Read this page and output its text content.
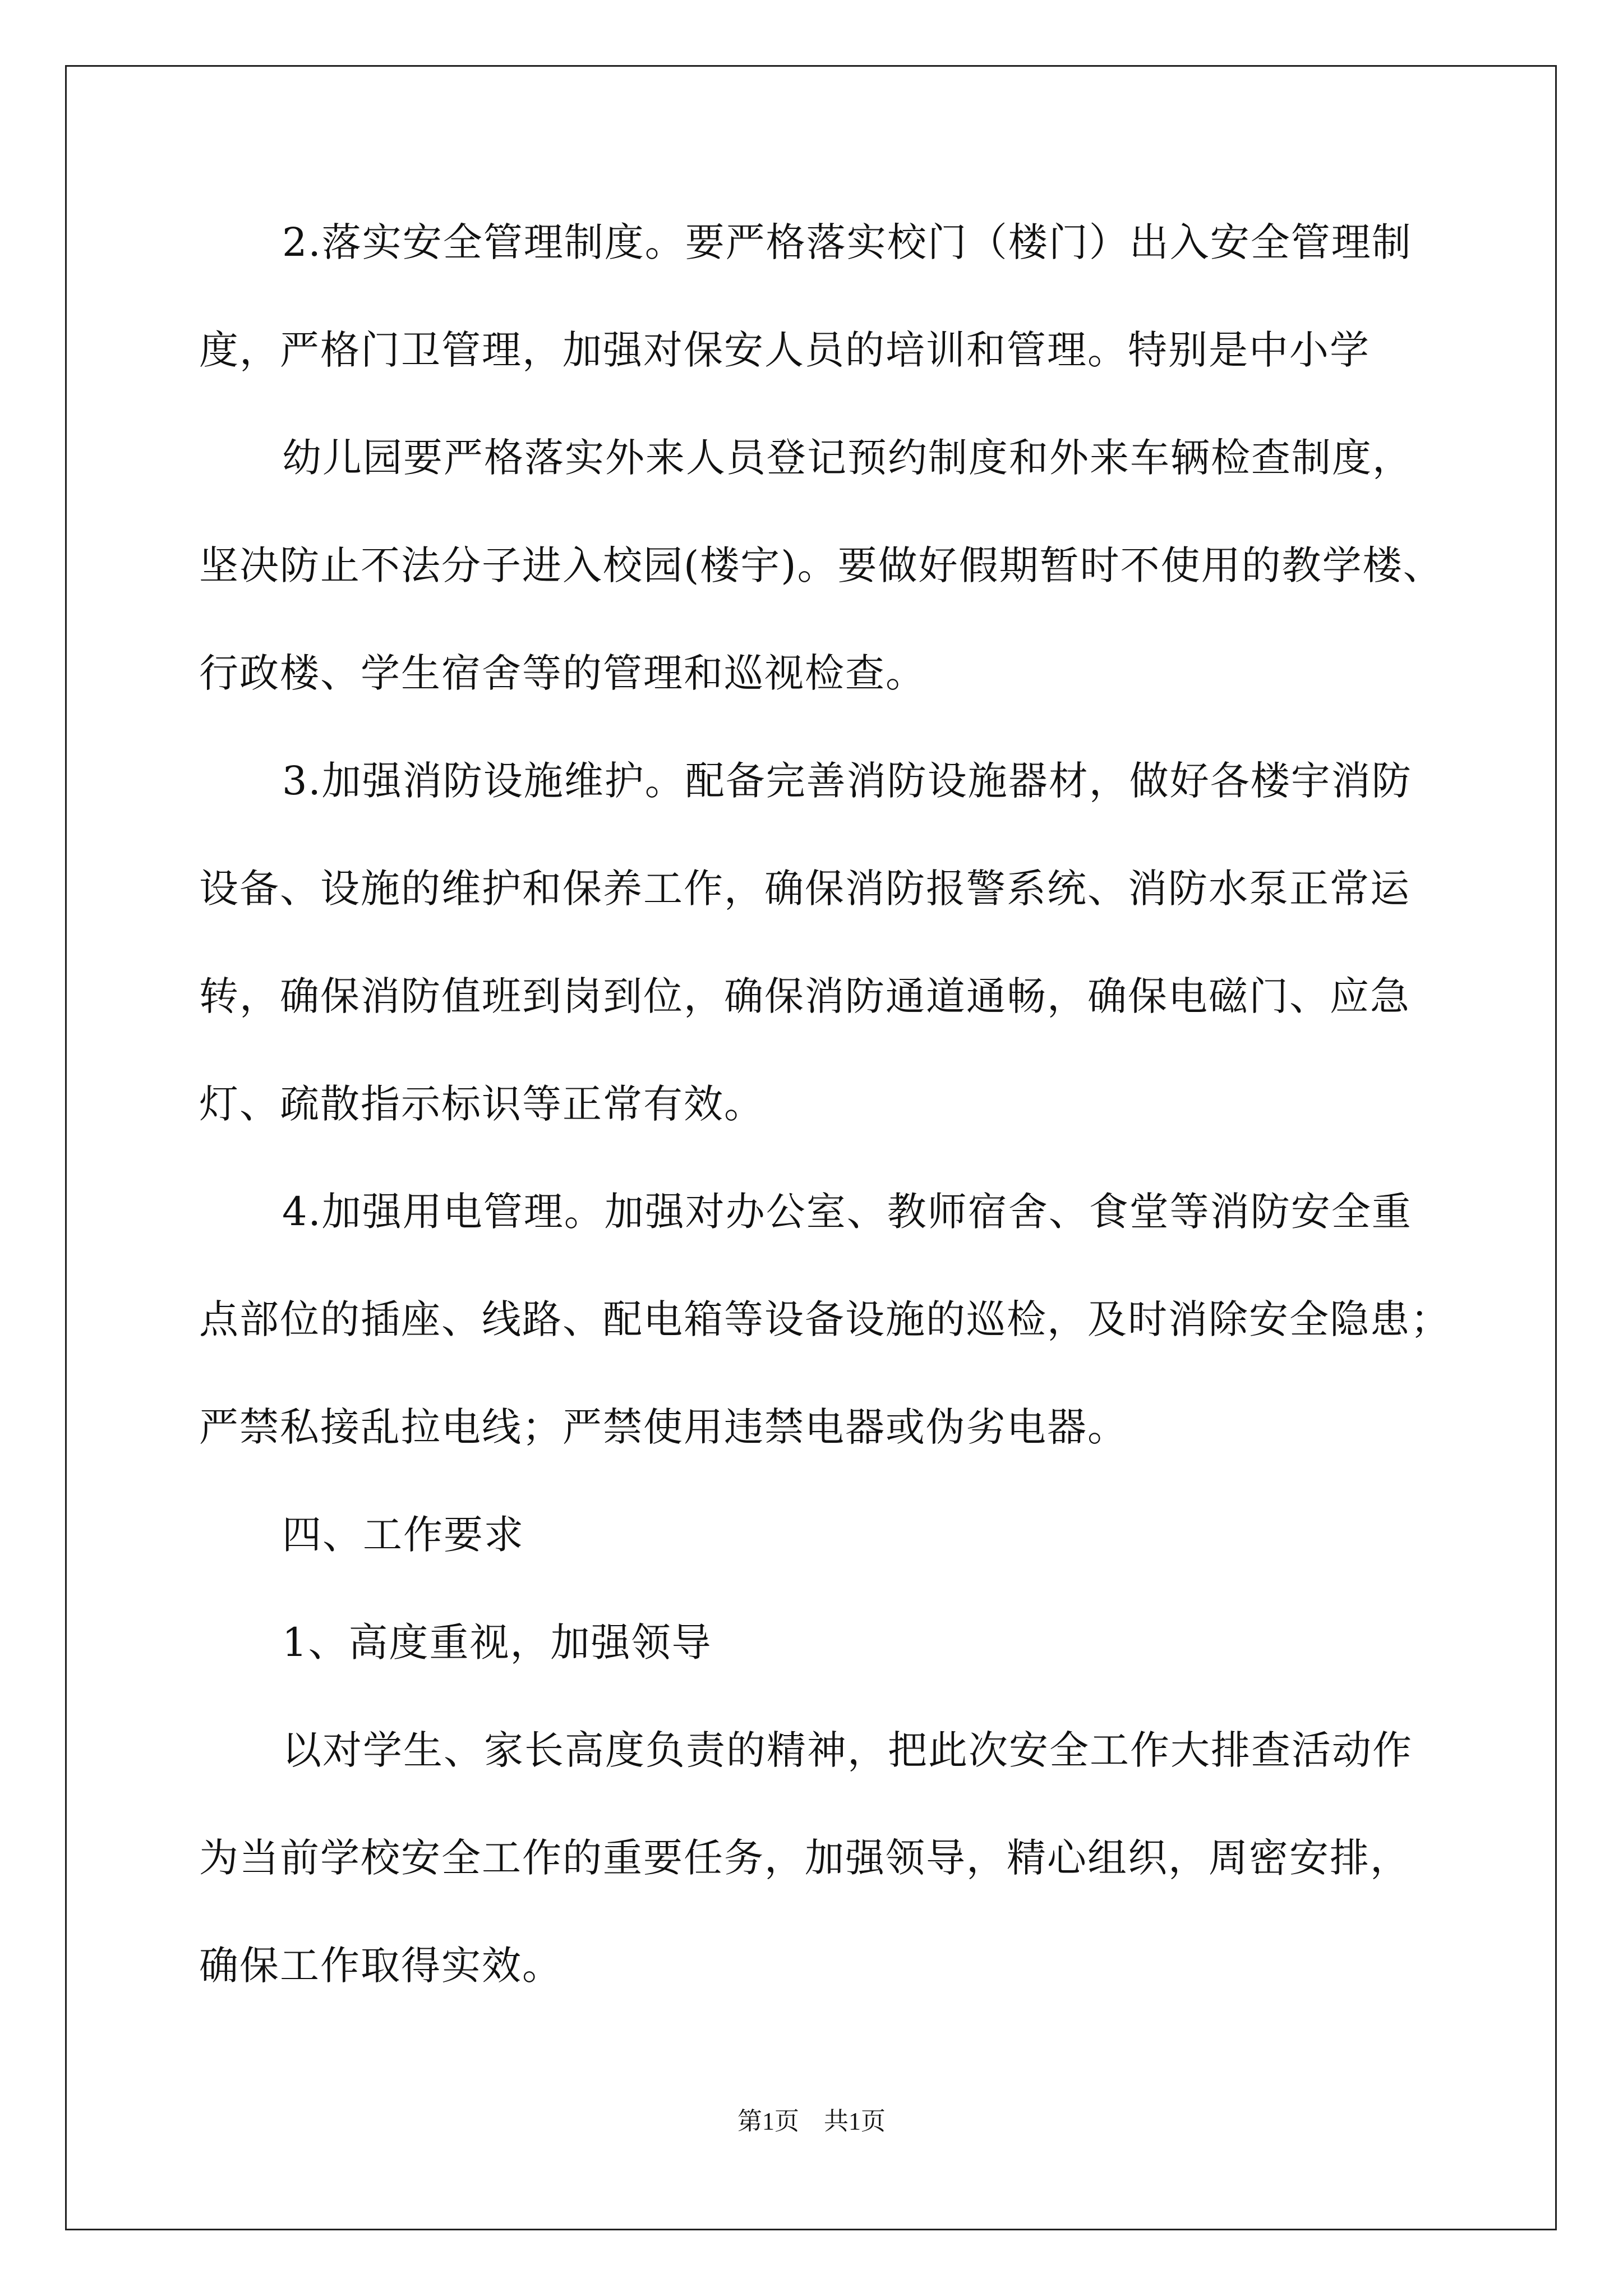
2.落实安全管理制度。要严格落实校门（楼门）出入安全管理制
度，严格门卫管理，加强对保安人员的培训和管理。特别是中小学
幼儿园要严格落实外来人员登记预约制度和外来车辆检查制度，
坚决防止不法分子进入校园(楼宇)。要做好假期暂时不使用的教学楼、
行政楼、学生宿舍等的管理和巡视检查。
3.加强消防设施维护。配备完善消防设施器材，做好各楼宇消防
设备、设施的维护和保养工作，确保消防报警系统、消防水泵正常运
转，确保消防值班到岗到位，确保消防通道通畅，确保电磁门、应急
灯、疏散指示标识等正常有效。
4.加强用电管理。加强对办公室、教师宿舍、食堂等消防安全重
点部位的插座、线路、配电箱等设备设施的巡检，及时消除安全隐患；
严禁私接乱拉电线；严禁使用违禁电器或伪劣电器。
四、工作要求
1、高度重视，加强领导
以对学生、家长高度负责的精神，把此次安全工作大排查活动作
为当前学校安全工作的重要任务，加强领导，精心组织，周密安排，
确保工作取得实效。
第1页　共1页
